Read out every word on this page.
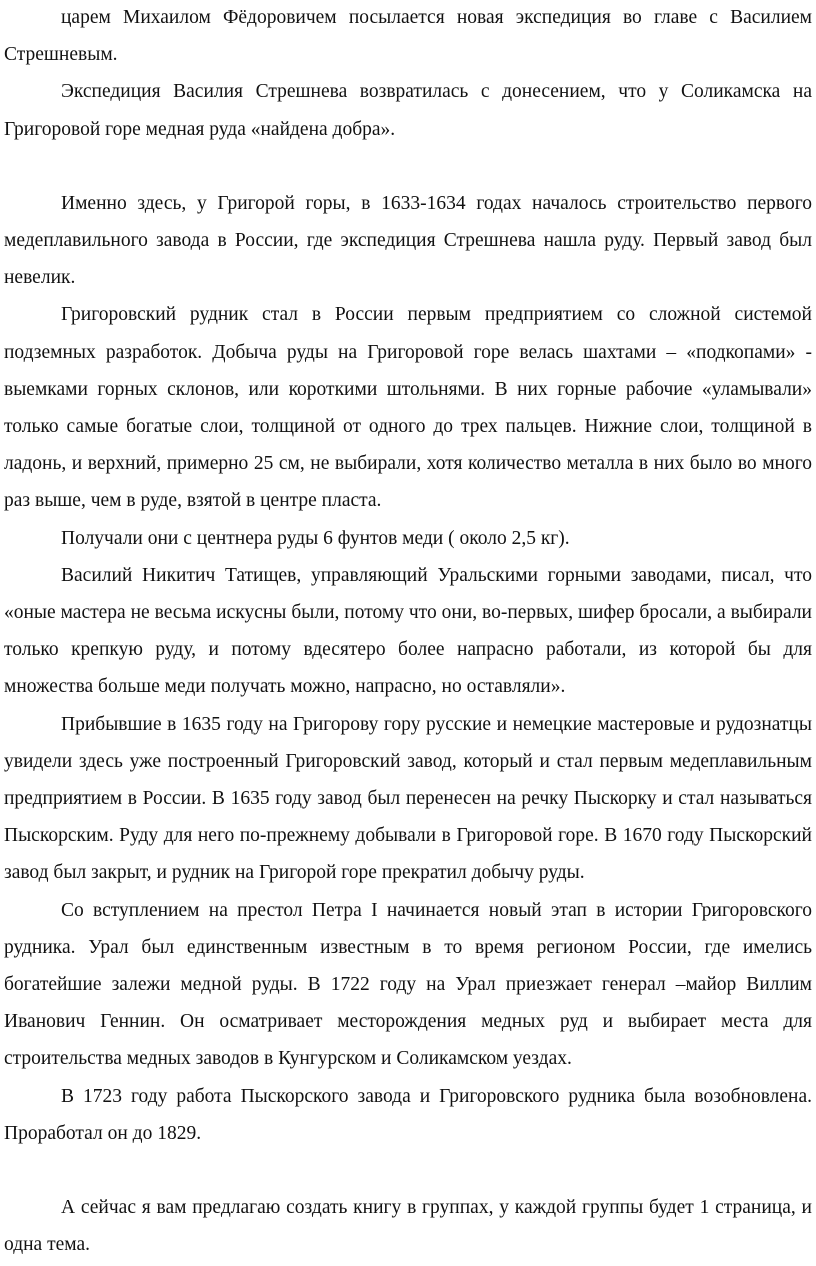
царем Михаилом Фёдоровичем посылается новая экспедиция во главе с Василием Стрешневым.

Экспедиция Василия Стрешнева возвратилась с донесением, что у Соликамска на Григоровой горе медная руда «найдена добра».

Именно здесь, у Григорой горы, в 1633-1634 годах началось строительство первого медеплавильного завода в России, где экспедиция Стрешнева нашла руду. Первый завод был невелик.

Григоровский рудник стал в России первым предприятием со сложной системой подземных разработок. Добыча руды на Григоровой горе велась шахтами – «подкопами» - выемками горных склонов, или короткими штольнями. В них горные рабочие «уламывали» только самые богатые слои, толщиной от одного до трех пальцев. Нижние слои, толщиной в ладонь, и верхний, примерно 25 см, не выбирали, хотя количество металла в них было во много раз выше, чем в руде, взятой в центре пласта.

Получали они с центнера руды 6 фунтов меди ( около 2,5 кг).

Василий Никитич Татищев, управляющий Уральскими горными заводами, писал, что «оные мастера не весьма искусны были, потому что они, во-первых, шифер бросали, а выбирали только крепкую руду, и потому вдесятеро более напрасно работали, из которой бы для множества больше меди получать можно, напрасно, но оставляли».

Прибывшие в 1635 году на Григорову гору русские и немецкие мастеровые и рудознатцы увидели здесь уже построенный Григоровский завод, который и стал первым медеплавильным предприятием в России. В 1635 году завод был перенесен на речку Пыскорку и стал называться Пыскорским. Руду для него по-прежнему добывали в Григоровой горе. В 1670 году Пыскорский завод был закрыт, и рудник на Григорой горе прекратил добычу руды.

Со вступлением на престол Петра I начинается новый этап в истории Григоровского рудника. Урал был единственным известным в то время регионом России, где имелись богатейшие залежи медной руды. В 1722 году на Урал приезжает генерал –майор Виллим Иванович Геннин. Он осматривает месторождения медных руд и выбирает места для строительства медных заводов в Кунгурском и Соликамском уездах.

В 1723 году работа Пыскорского завода и Григоровского рудника была возобновлена. Проработал он до 1829.

А сейчас я вам предлагаю создать книгу в группах, у каждой группы будет 1 страница, и одна тема.
